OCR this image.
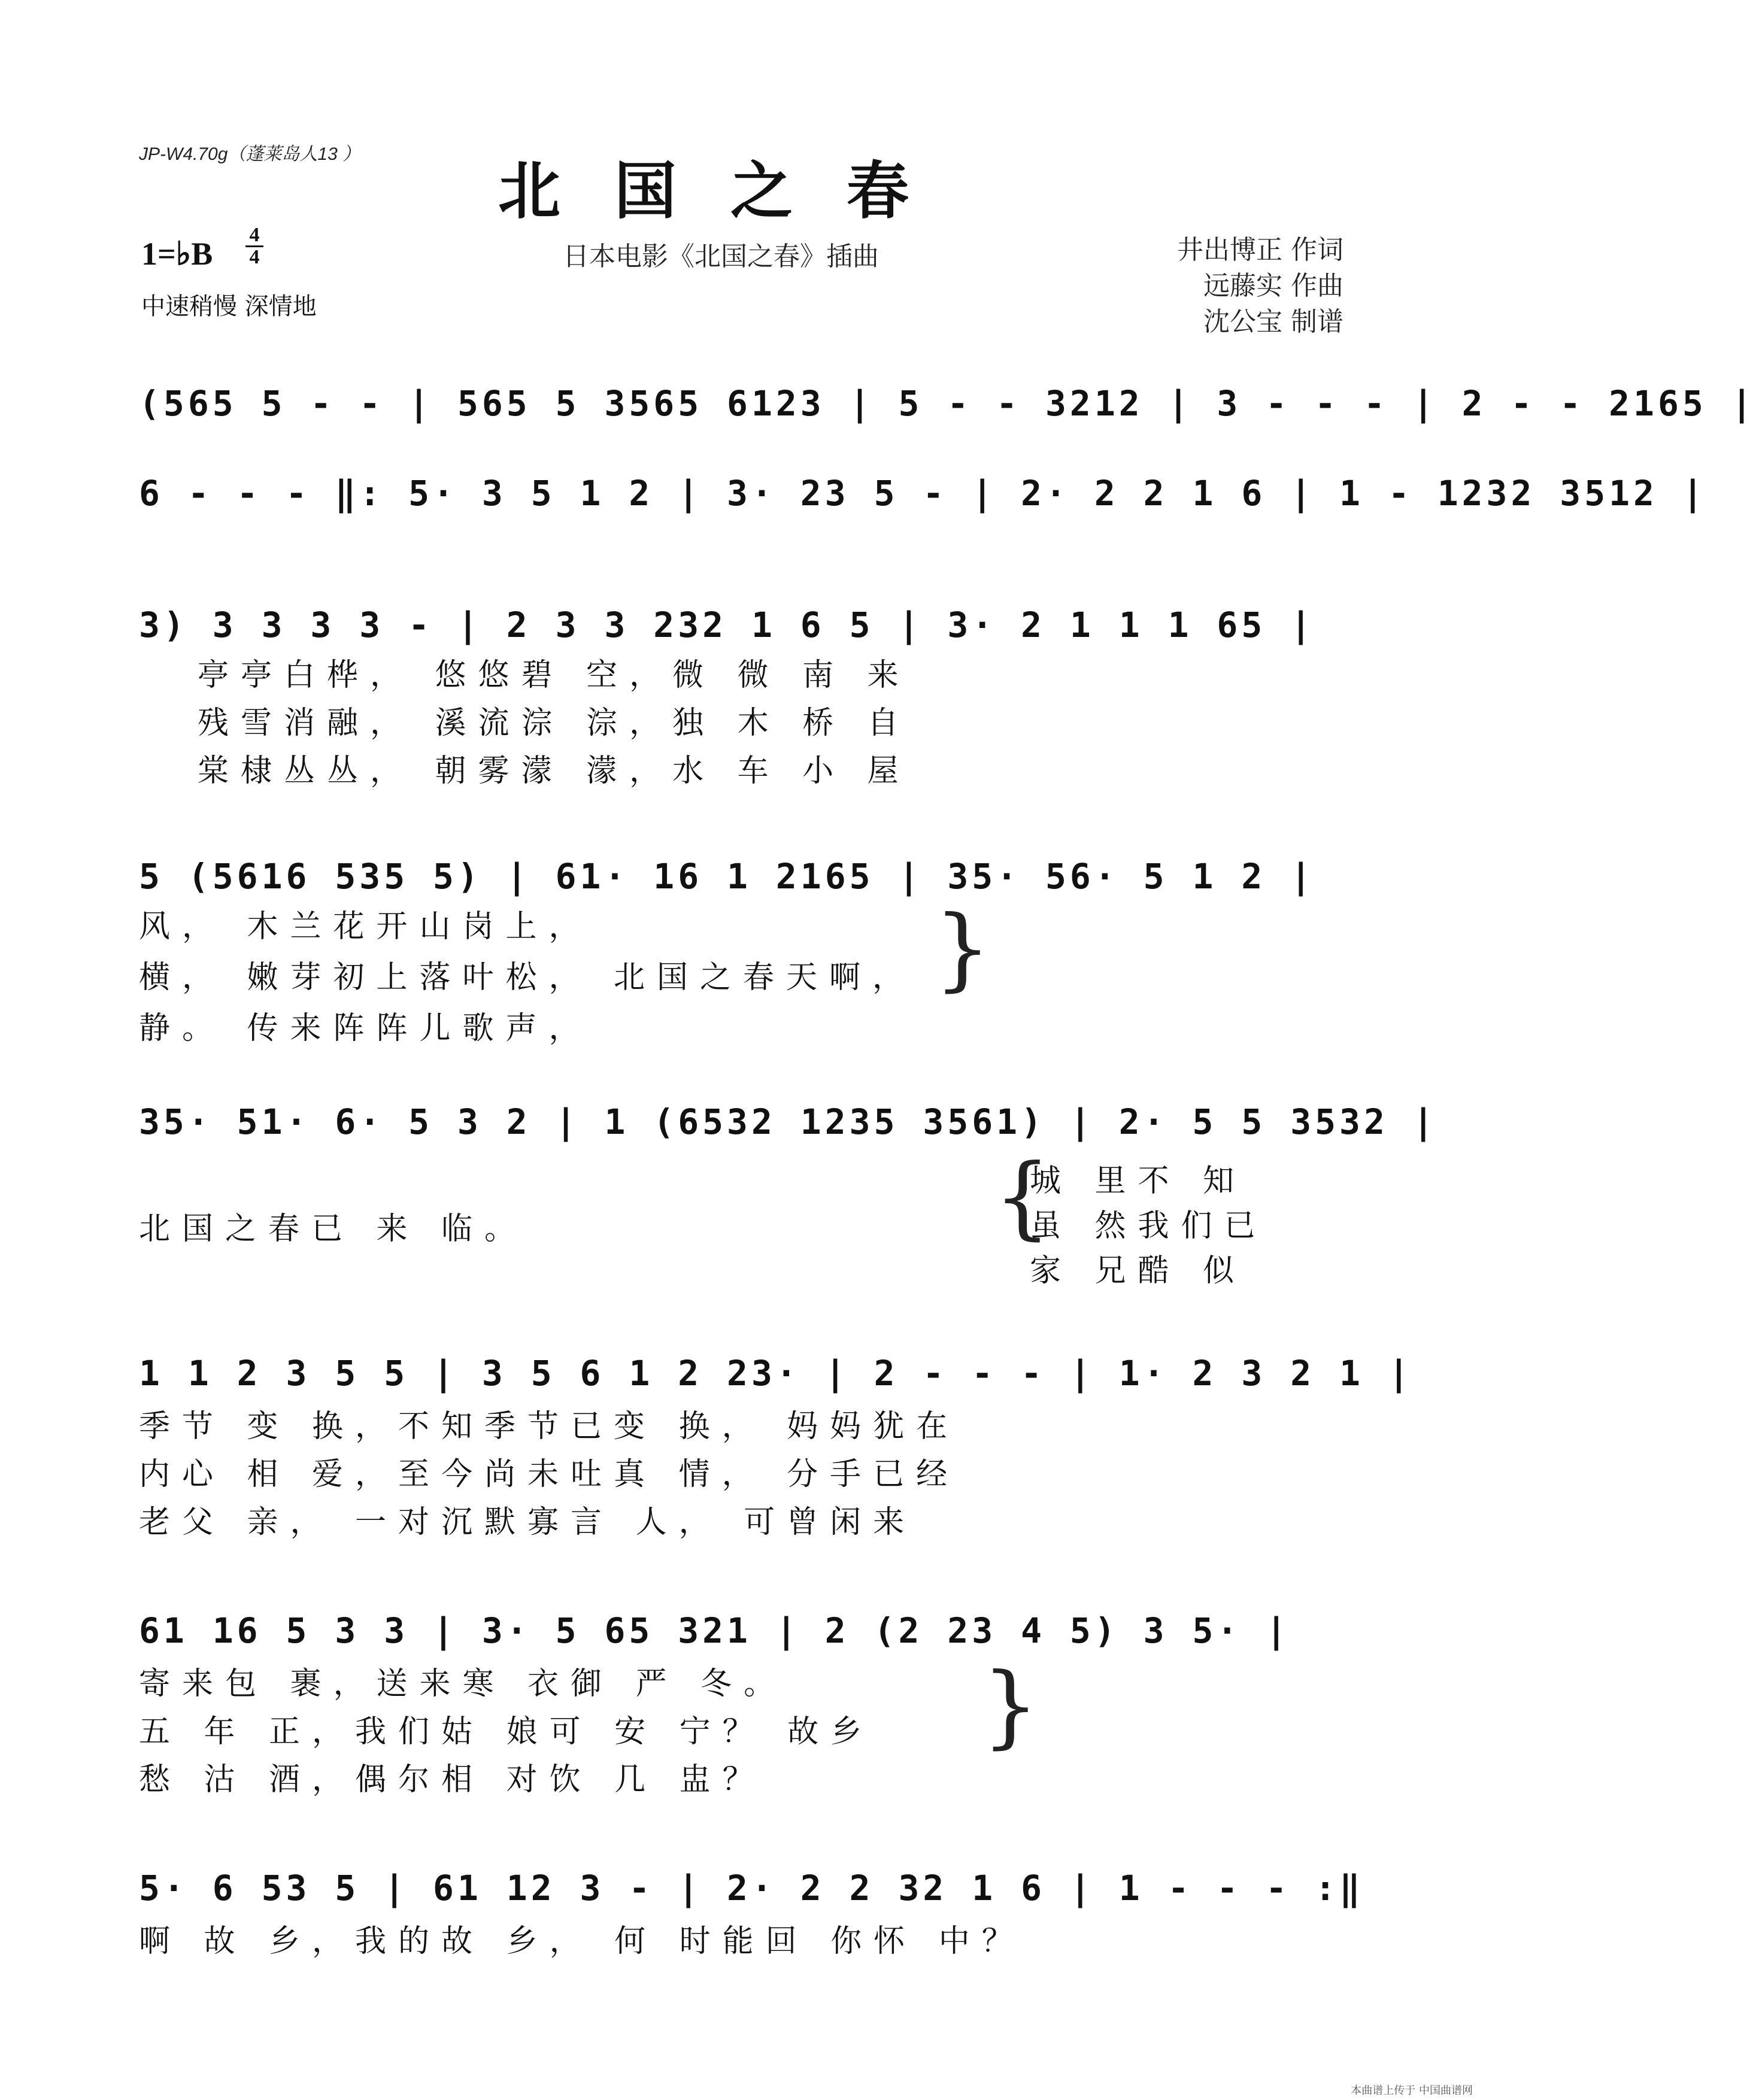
JP-W4.70g（蓬莱岛人13 ） 北国之春
1=♭B
4
4
中速稍慢 深情地
日本电影《北国之春》插曲	井出博正 作词
远藤实 作曲
沈公宝 制谱
(565 5 - - | 565 5 3565 6123 | 5 - - 3212 | 3 - - - | 2 - - 2165 |
6 - - - ‖: 5· 3 5 1 2 | 3· 23 5 - | 2· 2 2 1 6 | 1 - 1232 3512 |
3) 3 3 3 3 - | 2 3 3 232 1 6 5 | 3· 2 1 1 1 65 |
亭亭白桦， 悠悠碧 空，微 微 南 来
残雪消融， 溪流淙 淙，独 木 桥 自
棠棣丛丛， 朝雾濛 濛，水 车 小 屋
5 (5616 535 5) | 61· 16 1 2165 | 35· 56· 5 1 2 |
风， 木兰花开山岗上，
横， 嫩芽初上落叶松， 北国之春天啊，
静。 传来阵阵儿歌声，
}
35· 51· 6· 5 3 2 | 1 (6532 1235 3561) | 2· 5 5 3532 |
北国之春已 来 临。	{
城 里不 知
虽 然我们已
家 兄酷 似
1 1 2 3 5 5 | 3 5 6 1 2 23· | 2 - - - | 1· 2 3 2 1 |
季节 变 换，不知季节已变 换， 妈妈犹在
内心 相 爱，至今尚未吐真 情， 分手已经
老父 亲， 一对沉默寡言 人， 可曾闲来
61 16 5 3 3 | 3· 5 65 321 | 2 (2 23 4 5) 3 5· |
寄来包 裹，送来寒 衣御 严 冬。
五 年 正，我们姑 娘可 安 宁？ 故乡
愁 沽 酒，偶尔相 对饮 几 盅？
}
5· 6 53 5 | 61 12 3 - | 2· 2 2 32 1 6 | 1 - - - :‖
啊 故 乡，我的故 乡， 何 时能回 你怀 中？
本曲谱上传于 中国曲谱网
